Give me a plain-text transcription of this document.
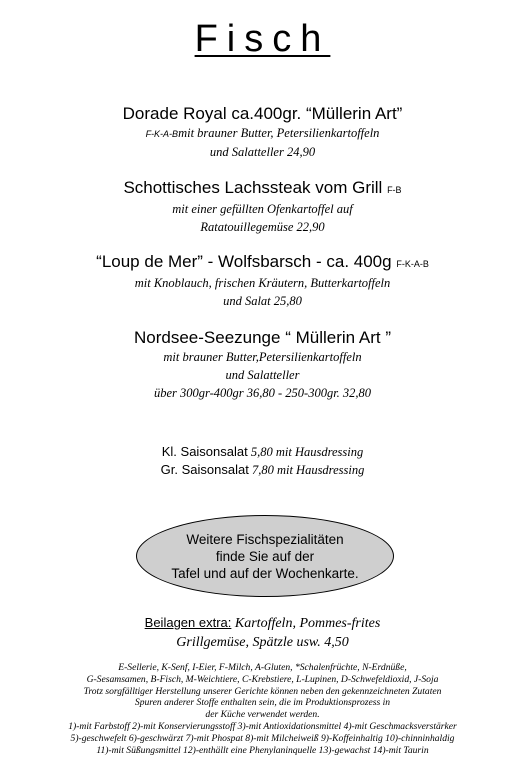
Fisch
Dorade Royal ca.400gr. “Müllerin Art”
F-K-A-Bmit brauner Butter, Petersilienkartoffeln
und Salatteller 24,90
Schottisches Lachssteak vom Grill F-B
mit einer gefüllten Ofenkartoffel auf
Ratatouillegemüse 22,90
“Loup de Mer” - Wolfsbarsch - ca. 400g F-K-A-B
mit Knoblauch, frischen Kräutern, Butterkartoffeln
und Salat 25,80
Nordsee-Seezunge “ Müllerin Art ”
mit brauner Butter,Petersilienkartoffeln
und Salatteller
über 300gr-400gr 36,80 - 250-300gr. 32,80
Kl. Saisonsalat 5,80 mit Hausdressing
Gr. Saisonsalat 7,80 mit Hausdressing
Weitere Fischspezialitäten
finde Sie auf der
Tafel und auf der Wochenkarte.
Beilagen extra: Kartoffeln, Pommes-frites
Grillgemüse, Spätzle usw. 4,50
E-Sellerie, K-Senf, I-Eier, F-Milch, A-Gluten, *Schalenfrüchte, N-Erdnüße,
G-Sesamsamen, B-Fisch, M-Weichtiere, C-Krebstiere, L-Lupinen, D-Schwefeldioxid, J-Soja
Trotz sorgfälltiger Herstellung unserer Gerichte können neben den gekennzeichneten Zutaten
Spuren anderer Stoffe enthalten sein, die im Produktionsprozess in
der Küche verwendet werden.
1)-mit Farbstoff 2)-mit Konservierungsstoff 3)-mit Antioxidationsmittel 4)-mit Geschmacksverstärker
5)-geschwefelt 6)-geschwärzt 7)-mit Phospat 8)-mit Milcheiweiß 9)-Koffeinhaltig 10)-chinninhaldig
11)-mit Süßungsmittel 12)-enthällt eine Phenylaninquelle 13)-gewachst 14)-mit Taurin
